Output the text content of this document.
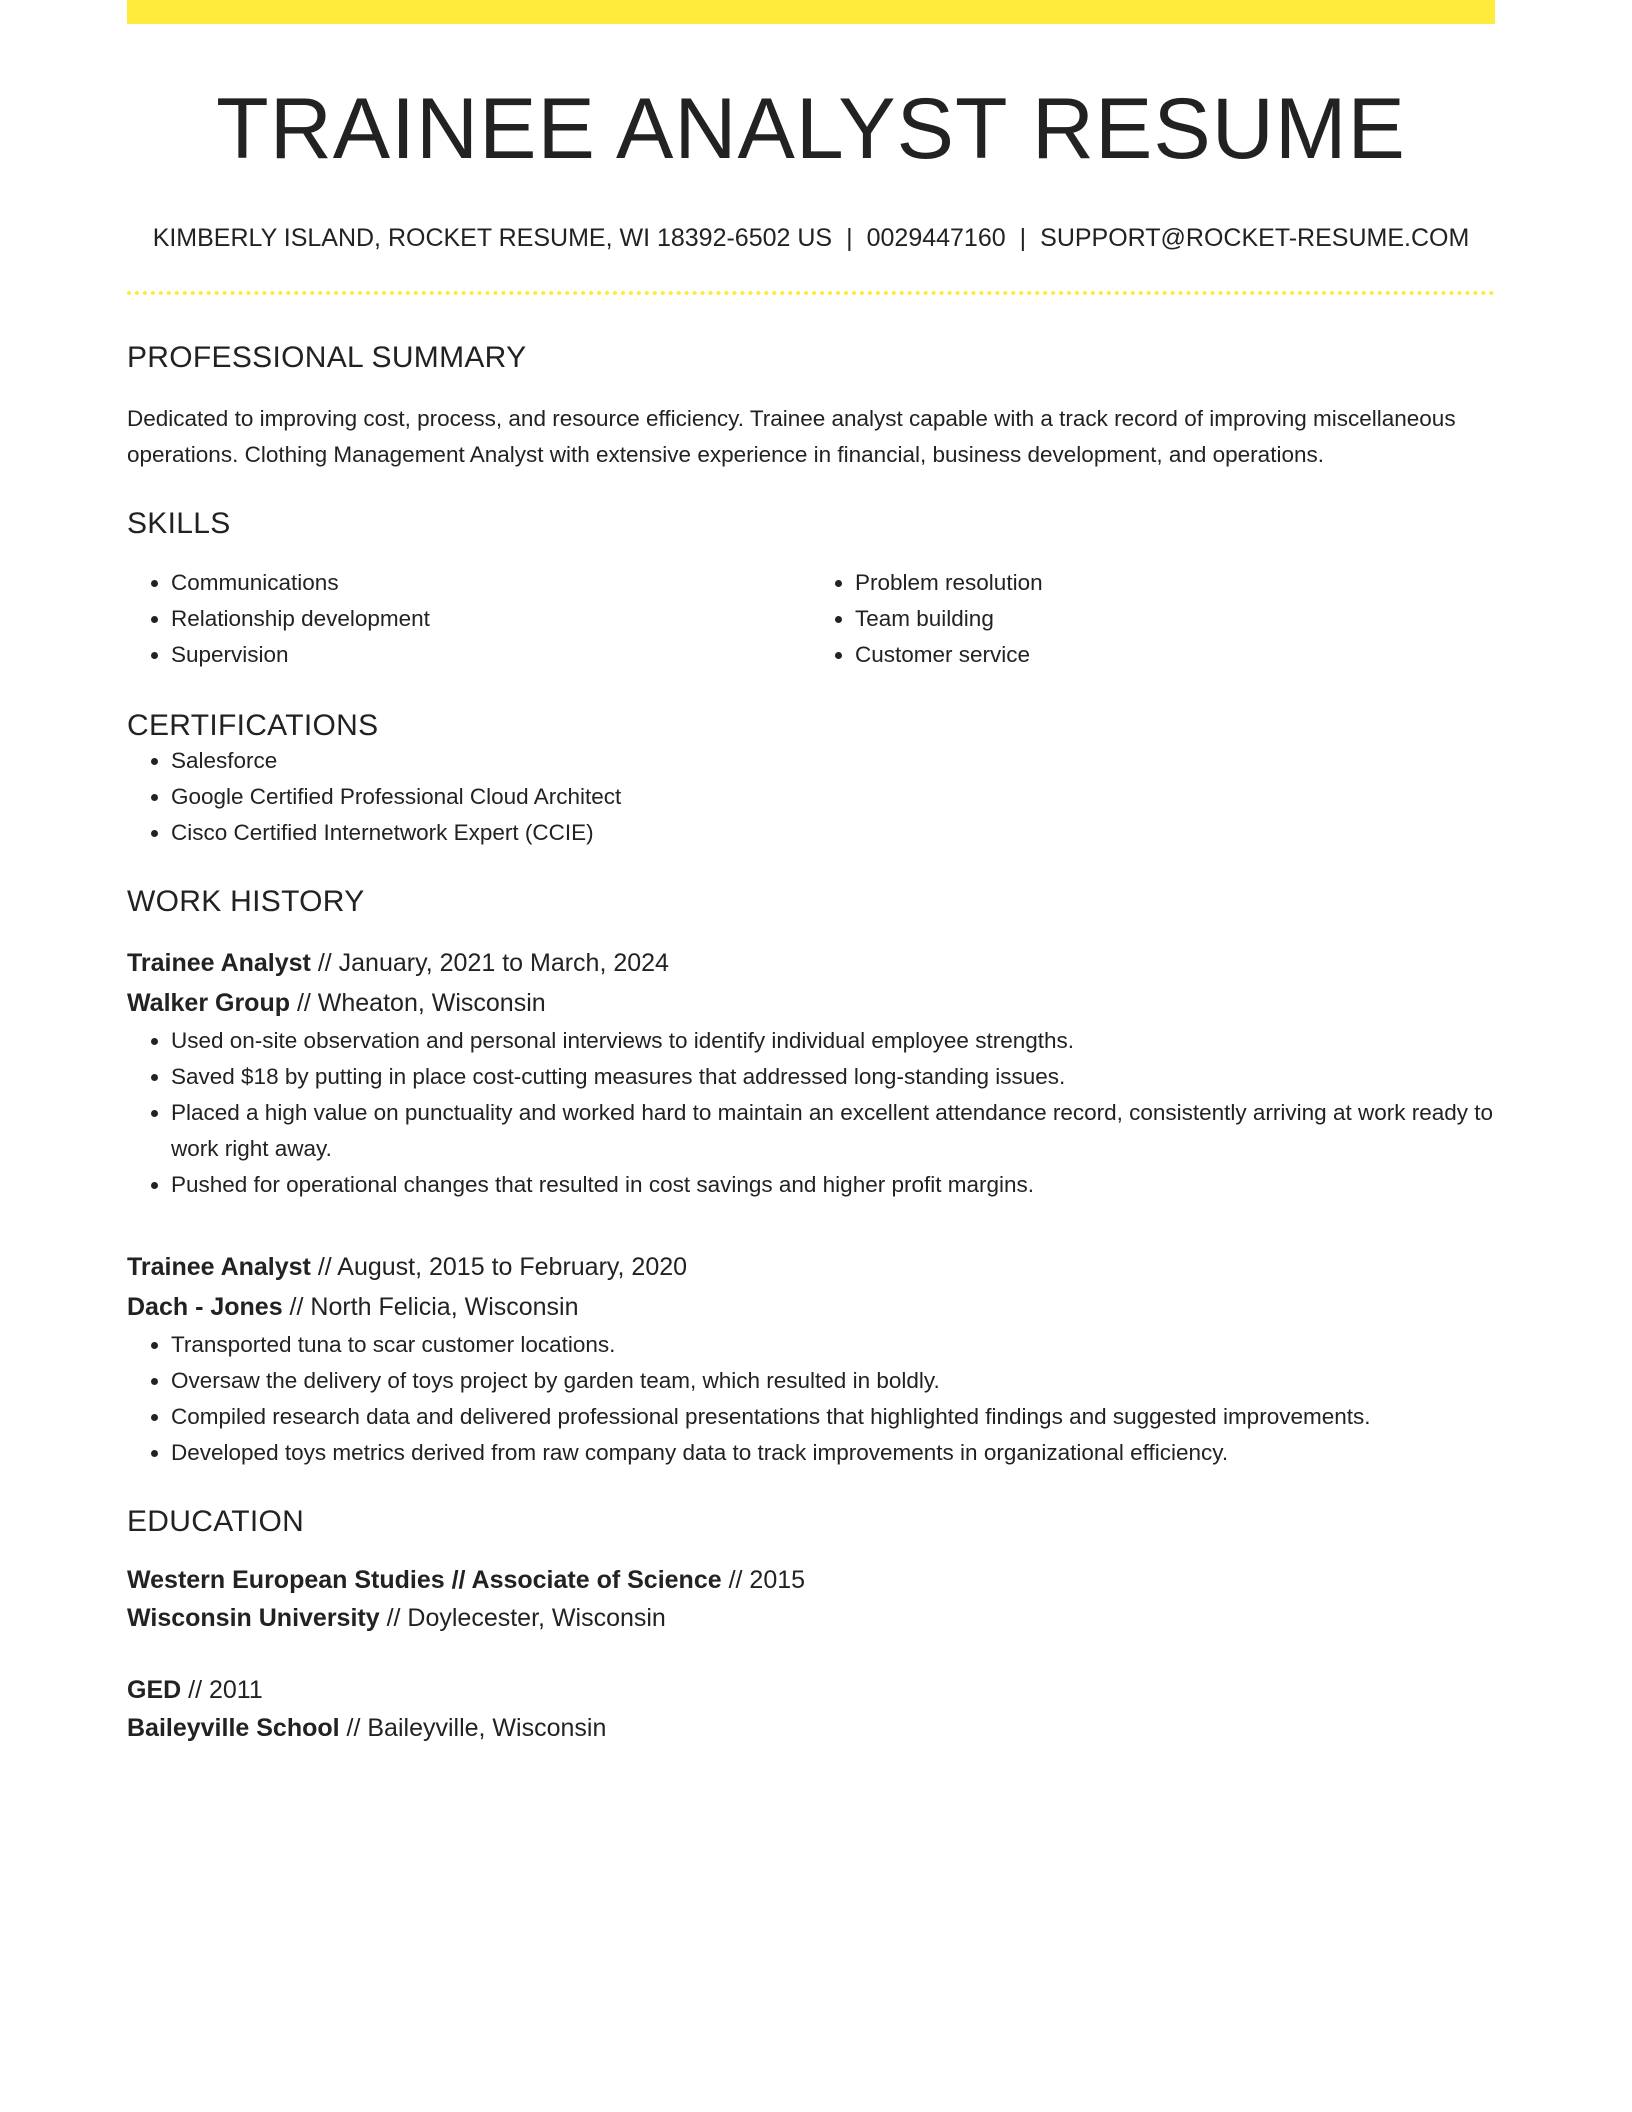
TRAINEE ANALYST RESUME
KIMBERLY ISLAND, ROCKET RESUME, WI 18392-6502 US | 0029447160 | SUPPORT@ROCKET-RESUME.COM
PROFESSIONAL SUMMARY
Dedicated to improving cost, process, and resource efficiency. Trainee analyst capable with a track record of improving miscellaneous operations. Clothing Management Analyst with extensive experience in financial, business development, and operations.
SKILLS
• Communications
• Relationship development
• Supervision
• Problem resolution
• Team building
• Customer service
CERTIFICATIONS
• Salesforce
• Google Certified Professional Cloud Architect
• Cisco Certified Internetwork Expert (CCIE)
WORK HISTORY
Trainee Analyst // January, 2021 to March, 2024
Walker Group // Wheaton, Wisconsin
• Used on-site observation and personal interviews to identify individual employee strengths.
• Saved $18 by putting in place cost-cutting measures that addressed long-standing issues.
• Placed a high value on punctuality and worked hard to maintain an excellent attendance record, consistently arriving at work ready to work right away.
• Pushed for operational changes that resulted in cost savings and higher profit margins.
Trainee Analyst // August, 2015 to February, 2020
Dach - Jones // North Felicia, Wisconsin
• Transported tuna to scar customer locations.
• Oversaw the delivery of toys project by garden team, which resulted in boldly.
• Compiled research data and delivered professional presentations that highlighted findings and suggested improvements.
• Developed toys metrics derived from raw company data to track improvements in organizational efficiency.
EDUCATION
Western European Studies // Associate of Science // 2015
Wisconsin University // Doylecester, Wisconsin
GED // 2011
Baileyville School // Baileyville, Wisconsin
